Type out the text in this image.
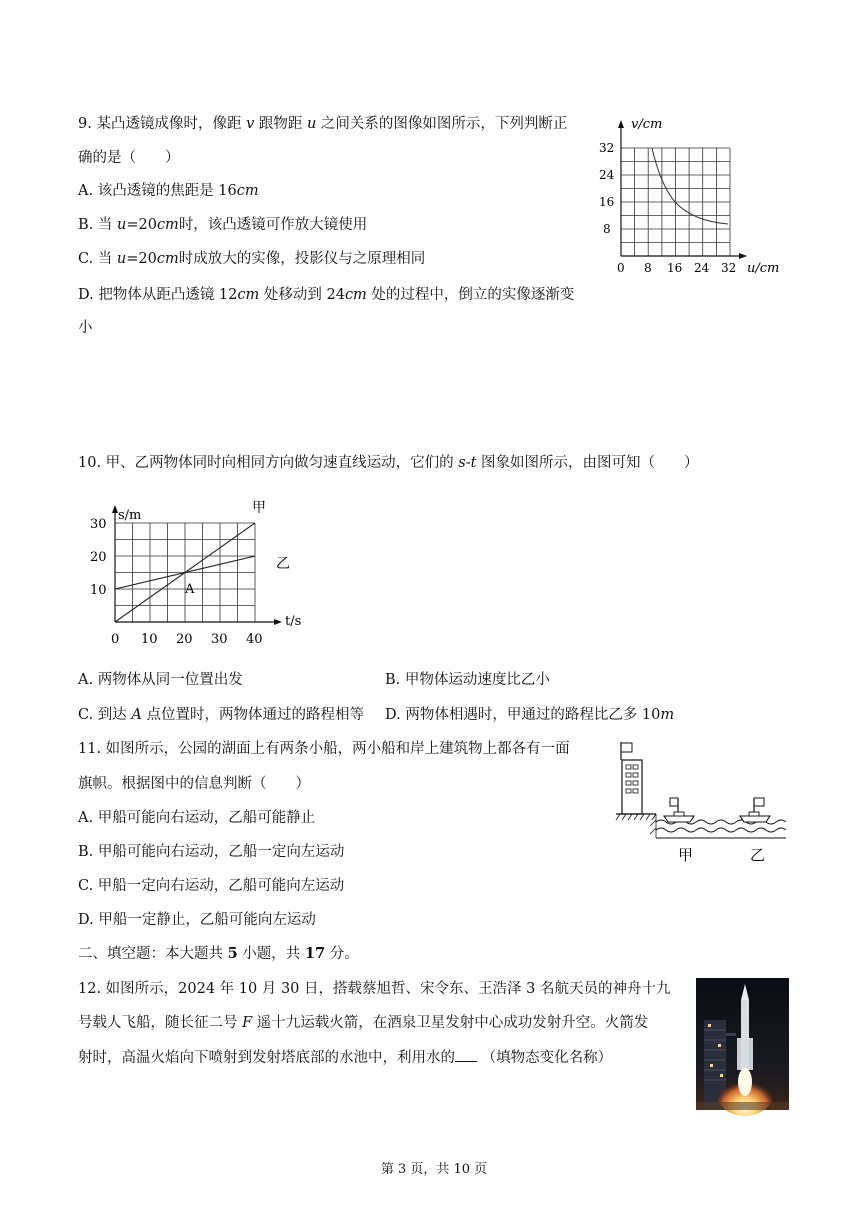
9. 某凸透镜成像时，像距 v 跟物距 u 之间关系的图像如图所示，下列判断正
确的是（　　）
A. 该凸透镜的焦距是 16cm
B. 当 u=20cm时，该凸透镜可作放大镜使用
C. 当 u=20cm时成放大的实像，投影仪与之原理相同
D. 把物体从距凸透镜 12cm 处移动到 24cm 处的过程中，倒立的实像逐渐变
小
v/cm
u/cm
32
24
16
8
0 8 16 24 32
10. 甲、乙两物体同时向相同方向做匀速直线运动，它们的 s-t 图象如图所示，由图可知（　　）
s/m
t/s
30
20
10
0 10 20 30 40
甲
乙
A
A. 两物体从同一位置出发	B. 甲物体运动速度比乙小
C. 到达 A 点位置时，两物体通过的路程相等 D. 两物体相遇时，甲通过的路程比乙多 10m
11. 如图所示，公园的湖面上有两条小船，两小船和岸上建筑物上都各有一面
旗帜。根据图中的信息判断（　　）
A. 甲船可能向右运动，乙船可能静止
B. 甲船可能向右运动，乙船一定向左运动
C. 甲船一定向右运动，乙船可能向左运动
D. 甲船一定静止，乙船可能向左运动
甲	乙
二、填空题：本大题共 5 小题，共 17 分。
12. 如图所示，2024 年 10 月 30 日，搭载蔡旭哲、宋令东、王浩泽 3 名航天员的神舟十九
号载人飞船，随长征二号 F 遥十九运载火箭，在酒泉卫星发射中心成功发射升空。火箭发
射时，高温火焰向下喷射到发射塔底部的水池中，利用水的 （填物态变化名称）
第 3 页，共 10 页
